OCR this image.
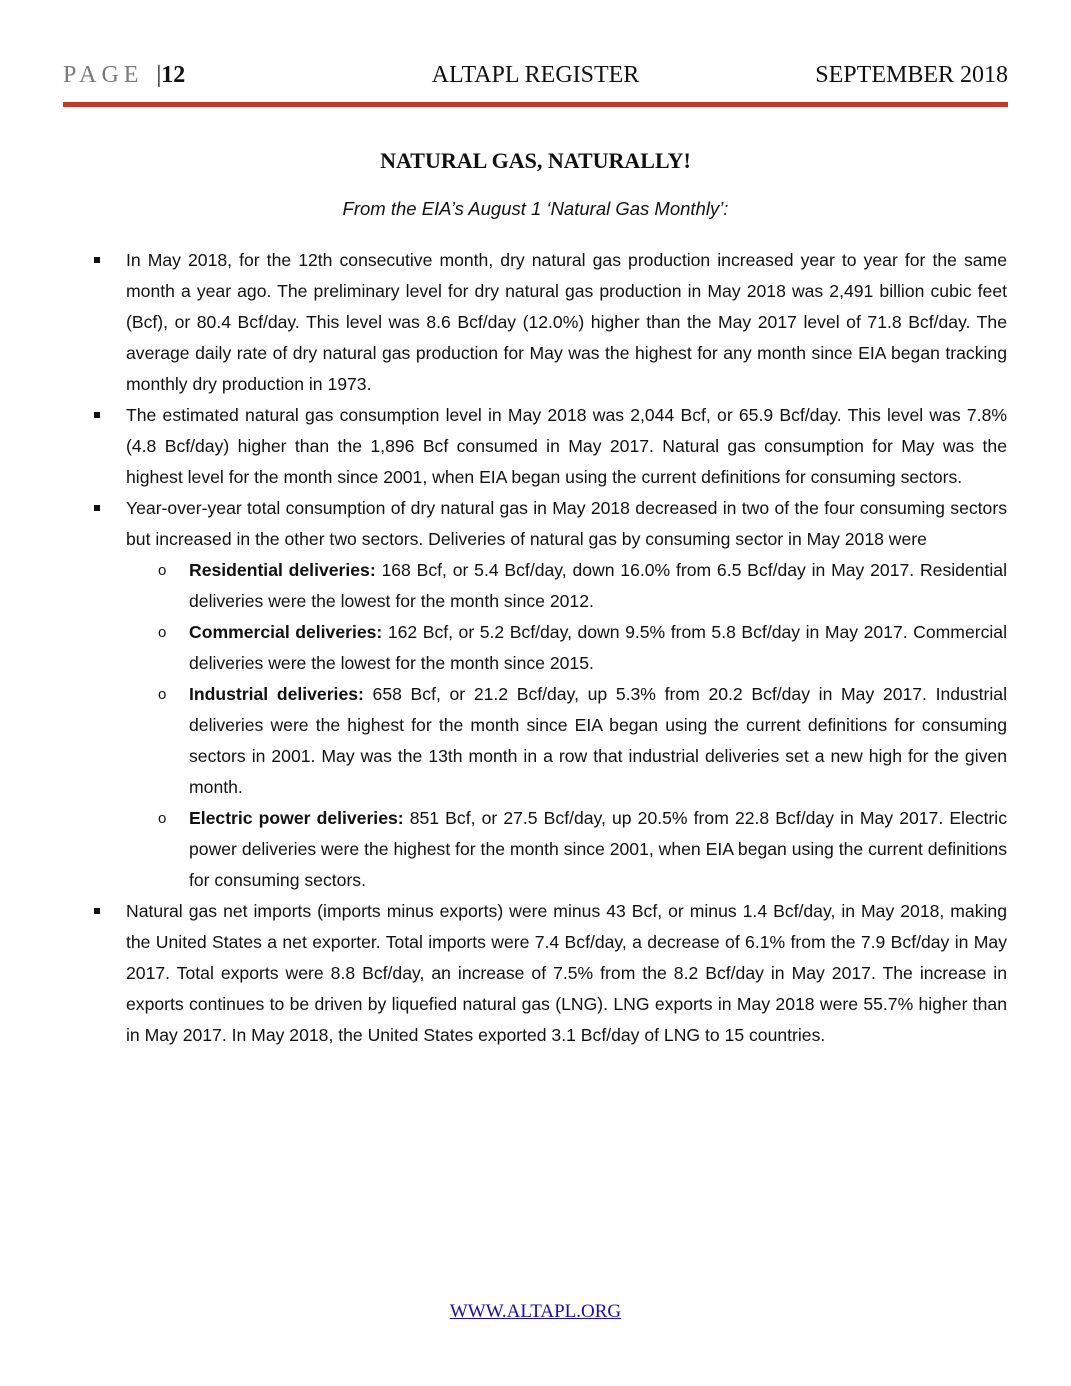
PAGE |12	ALTAPL REGISTER	SEPTEMBER 2018
NATURAL GAS, NATURALLY!
From the EIA’s August 1 ‘Natural Gas Monthly’:
In May 2018, for the 12th consecutive month, dry natural gas production increased year to year for the same month a year ago. The preliminary level for dry natural gas production in May 2018 was 2,491 billion cubic feet (Bcf), or 80.4 Bcf/day. This level was 8.6 Bcf/day (12.0%) higher than the May 2017 level of 71.8 Bcf/day. The average daily rate of dry natural gas production for May was the highest for any month since EIA began tracking monthly dry production in 1973.
The estimated natural gas consumption level in May 2018 was 2,044 Bcf, or 65.9 Bcf/day. This level was 7.8% (4.8 Bcf/day) higher than the 1,896 Bcf consumed in May 2017. Natural gas consumption for May was the highest level for the month since 2001, when EIA began using the current definitions for consuming sectors.
Year-over-year total consumption of dry natural gas in May 2018 decreased in two of the four consuming sectors but increased in the other two sectors. Deliveries of natural gas by consuming sector in May 2018 were
o Residential deliveries: 168 Bcf, or 5.4 Bcf/day, down 16.0% from 6.5 Bcf/day in May 2017. Residential deliveries were the lowest for the month since 2012.
o Commercial deliveries: 162 Bcf, or 5.2 Bcf/day, down 9.5% from 5.8 Bcf/day in May 2017. Commercial deliveries were the lowest for the month since 2015.
o Industrial deliveries: 658 Bcf, or 21.2 Bcf/day, up 5.3% from 20.2 Bcf/day in May 2017. Industrial deliveries were the highest for the month since EIA began using the current definitions for consuming sectors in 2001. May was the 13th month in a row that industrial deliveries set a new high for the given month.
o Electric power deliveries: 851 Bcf, or 27.5 Bcf/day, up 20.5% from 22.8 Bcf/day in May 2017. Electric power deliveries were the highest for the month since 2001, when EIA began using the current definitions for consuming sectors.
Natural gas net imports (imports minus exports) were minus 43 Bcf, or minus 1.4 Bcf/day, in May 2018, making the United States a net exporter. Total imports were 7.4 Bcf/day, a decrease of 6.1% from the 7.9 Bcf/day in May 2017. Total exports were 8.8 Bcf/day, an increase of 7.5% from the 8.2 Bcf/day in May 2017. The increase in exports continues to be driven by liquefied natural gas (LNG). LNG exports in May 2018 were 55.7% higher than in May 2017. In May 2018, the United States exported 3.1 Bcf/day of LNG to 15 countries.
WWW.ALTAPL.ORG
